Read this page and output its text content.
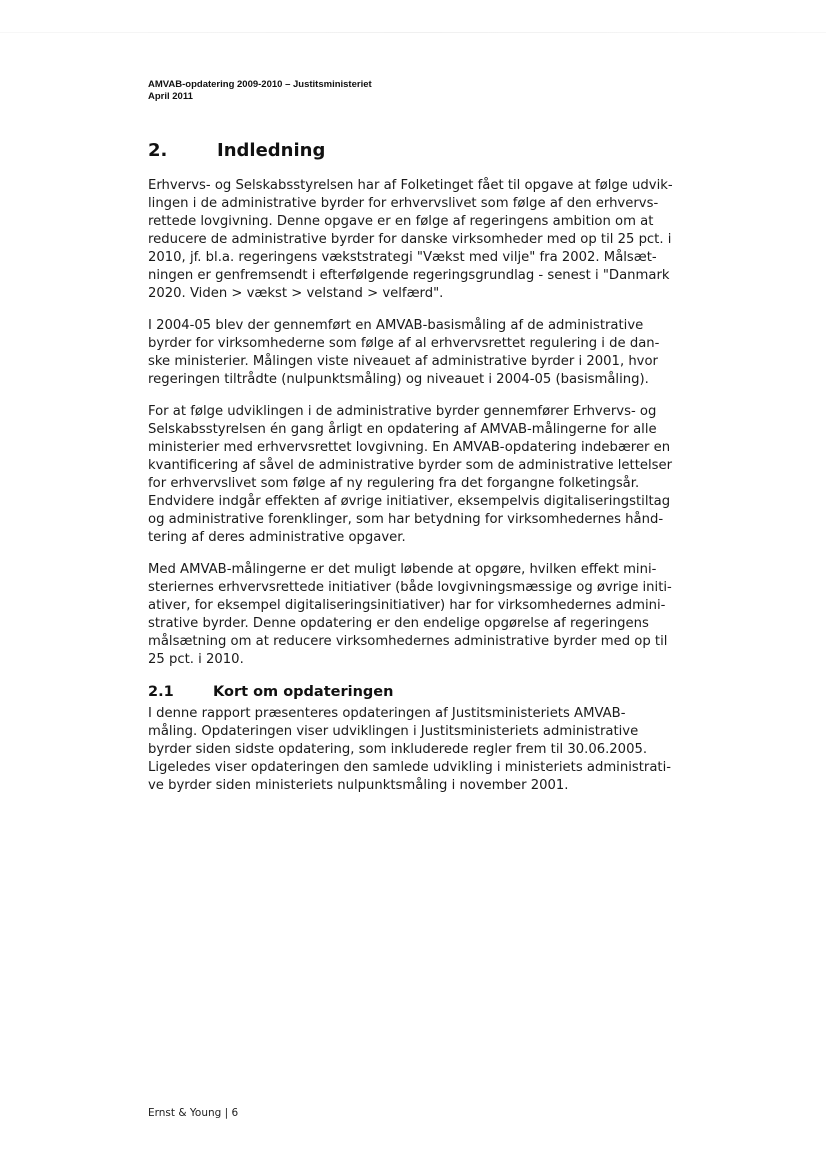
AMVAB-opdatering 2009-2010 – Justitsministeriet
April 2011
2.	Indledning
Erhvervs- og Selskabsstyrelsen har af Folketinget fået til opgave at følge udvik-
lingen i de administrative byrder for erhvervslivet som følge af den erhvervs-
rettede lovgivning. Denne opgave er en følge af regeringens ambition om at
reducere de administrative byrder for danske virksomheder med op til 25 pct. i
2010, jf. bl.a. regeringens vækststrategi "Vækst med vilje" fra 2002. Målsæt-
ningen er genfremsendt i efterfølgende regeringsgrundlag - senest i "Danmark
2020. Viden > vækst > velstand > velfærd".
I 2004-05 blev der gennemført en AMVAB-basismåling af de administrative
byrder for virksomhederne som følge af al erhvervsrettet regulering i de dan-
ske ministerier. Målingen viste niveauet af administrative byrder i 2001, hvor
regeringen tiltrådte (nulpunktsmåling) og niveauet i 2004-05 (basismåling).
For at følge udviklingen i de administrative byrder gennemfører Erhvervs- og
Selskabsstyrelsen én gang årligt en opdatering af AMVAB-målingerne for alle
ministerier med erhvervsrettet lovgivning. En AMVAB-opdatering indebærer en
kvantificering af såvel de administrative byrder som de administrative lettelser
for erhvervslivet som følge af ny regulering fra det forgangne folketingsår.
Endvidere indgår effekten af øvrige initiativer, eksempelvis digitaliseringstiltag
og administrative forenklinger, som har betydning for virksomhedernes hånd-
tering af deres administrative opgaver.
Med AMVAB-målingerne er det muligt løbende at opgøre, hvilken effekt mini-
steriernes erhvervsrettede initiativer (både lovgivningsmæssige og øvrige initi-
ativer, for eksempel digitaliseringsinitiativer) har for virksomhedernes admini-
strative byrder. Denne opdatering er den endelige opgørelse af regeringens
målsætning om at reducere virksomhedernes administrative byrder med op til
25 pct. i 2010.
2.1	Kort om opdateringen
I denne rapport præsenteres opdateringen af Justitsministeriets AMVAB-
måling. Opdateringen viser udviklingen i Justitsministeriets administrative
byrder siden sidste opdatering, som inkluderede regler frem til 30.06.2005.
Ligeledes viser opdateringen den samlede udvikling i ministeriets administrati-
ve byrder siden ministeriets nulpunktsmåling i november 2001.
Ernst & Young | 6
